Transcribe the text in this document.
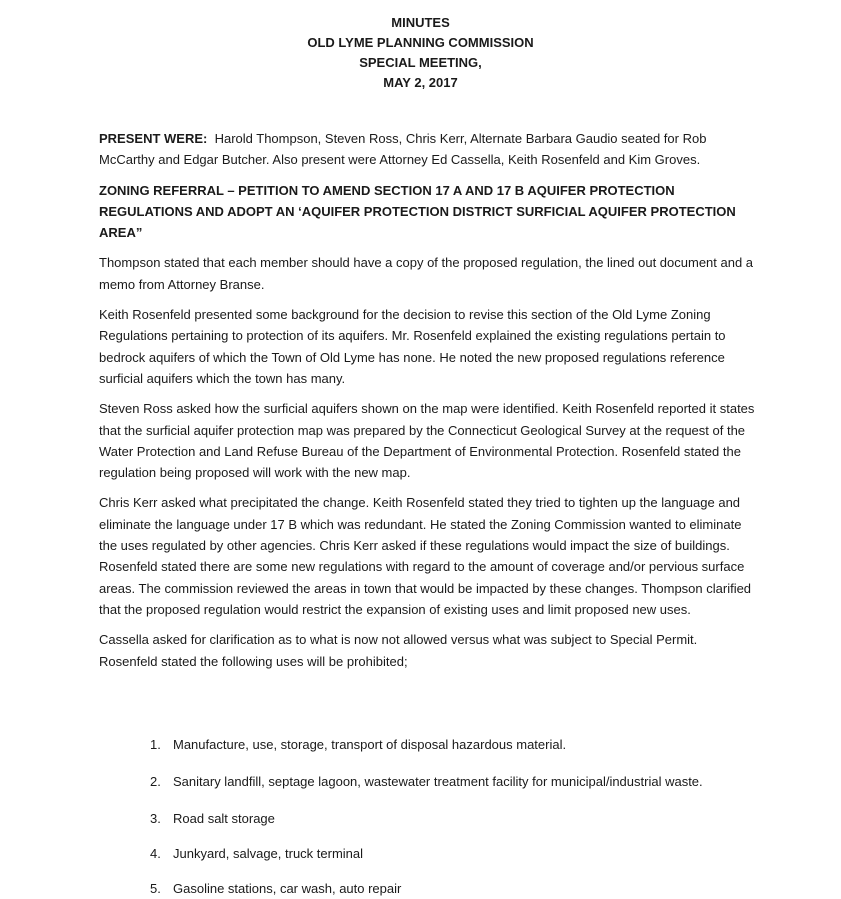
MINUTES
OLD LYME PLANNING COMMISSION
SPECIAL MEETING,
MAY 2, 2017

PRESENT WERE: Harold Thompson, Steven Ross, Chris Kerr, Alternate Barbara Gaudio seated for Rob McCarthy and Edgar Butcher. Also present were Attorney Ed Cassella, Keith Rosenfeld and Kim Groves.

ZONING REFERRAL – PETITION TO AMEND SECTION 17 A AND 17 B AQUIFER PROTECTION REGULATIONS AND ADOPT AN ‘AQUIFER PROTECTION DISTRICT SURFICIAL AQUIFER PROTECTION AREA”

Thompson stated that each member should have a copy of the proposed regulation, the lined out document and a memo from Attorney Branse.

Keith Rosenfeld presented some background for the decision to revise this section of the Old Lyme Zoning Regulations pertaining to protection of its aquifers. Mr. Rosenfeld explained the existing regulations pertain to bedrock aquifers of which the Town of Old Lyme has none. He noted the new proposed regulations reference surficial aquifers which the town has many.

Steven Ross asked how the surficial aquifers shown on the map were identified. Keith Rosenfeld reported it states that the surficial aquifer protection map was prepared by the Connecticut Geological Survey at the request of the Water Protection and Land Refuse Bureau of the Department of Environmental Protection. Rosenfeld stated the regulation being proposed will work with the new map.

Chris Kerr asked what precipitated the change. Keith Rosenfeld stated they tried to tighten up the language and eliminate the language under 17 B which was redundant. He stated the Zoning Commission wanted to eliminate the uses regulated by other agencies. Chris Kerr asked if these regulations would impact the size of buildings. Rosenfeld stated there are some new regulations with regard to the amount of coverage and/or pervious surface areas. The commission reviewed the areas in town that would be impacted by these changes. Thompson clarified that the proposed regulation would restrict the expansion of existing uses and limit proposed new uses.

Cassella asked for clarification as to what is now not allowed versus what was subject to Special Permit. Rosenfeld stated the following uses will be prohibited;

1. Manufacture, use, storage, transport of disposal hazardous material.
2. Sanitary landfill, septage lagoon, wastewater treatment facility for municipal/industrial waste.
3. Road salt storage
4. Junkyard, salvage, truck terminal
5. Gasoline stations, car wash, auto repair
